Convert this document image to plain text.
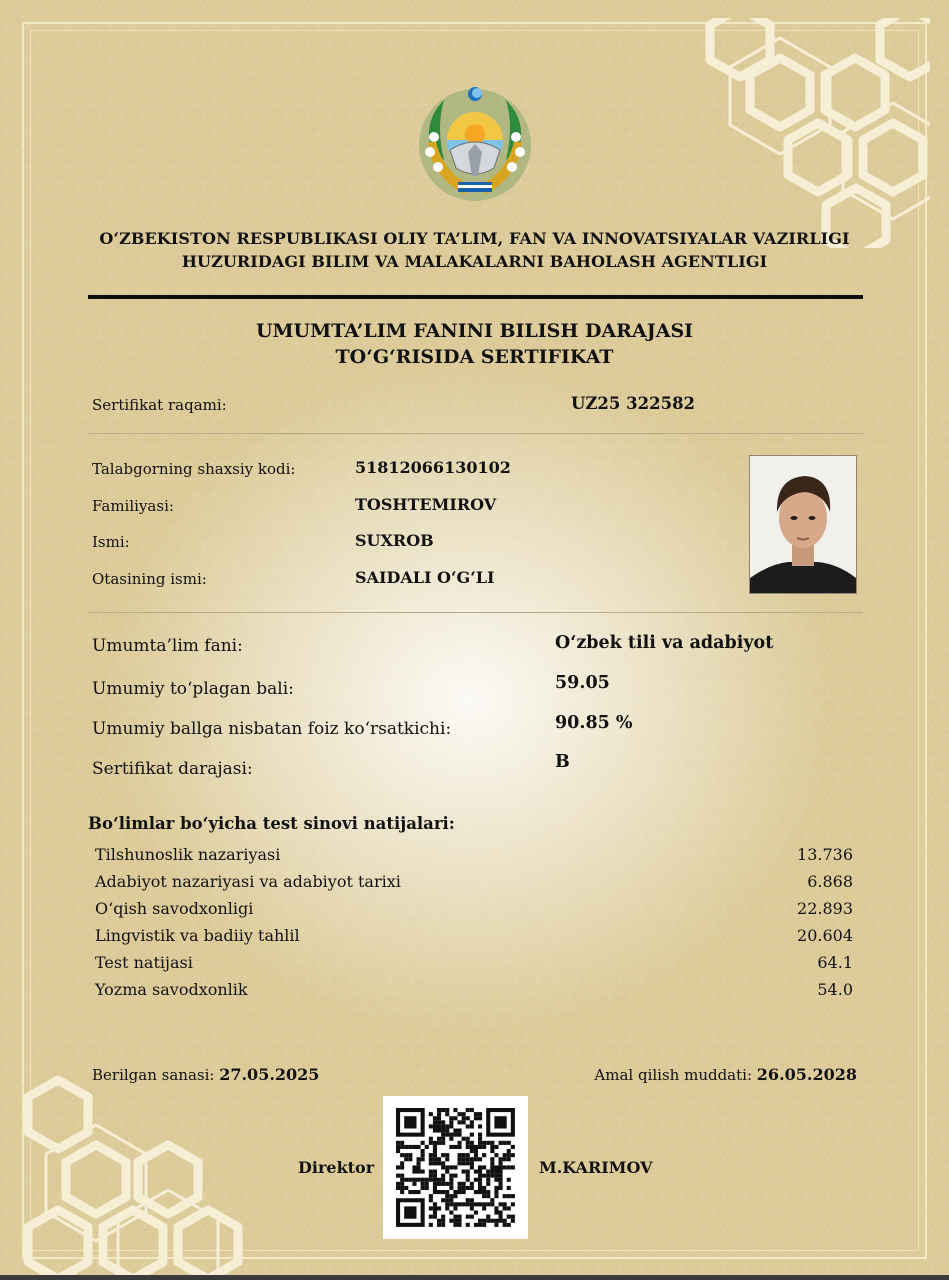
O‘ZBEKISTON RESPUBLIKASI OLIY TA’LIM, FAN VA INNOVATSIYALAR VAZIRLIGI
HUZURIDAGI BILIM VA MALAKALARNI BAHOLASH AGENTLIGI
UMUMTA’LIM FANINI BILISH DARAJASI
TO‘G‘RISIDA SERTIFIKAT
Sertifikat raqami:	UZ25 322582
Talabgorning shaxsiy kodi:	51812066130102
Familiyasi:	TOSHTEMIROV
Ismi:	SUXROB
Otasining ismi:	SAIDALI O‘G‘LI
Umumta’lim fani:	O‘zbek tili va adabiyot
Umumiy to‘plagan bali:	59.05
Umumiy ballga nisbatan foiz ko‘rsatkichi:	90.85 %
Sertifikat darajasi:	B
Bo‘limlar bo‘yicha test sinovi natijalari:
Tilshunoslik nazariyasi	13.736
Adabiyot nazariyasi va adabiyot tarixi	6.868
O‘qish savodxonligi	22.893
Lingvistik va badiiy tahlil	20.604
Test natijasi	64.1
Yozma savodxonlik	54.0
Berilgan sanasi: 27.05.2025	Amal qilish muddati: 26.05.2028
Direktor	M.KARIMOV
